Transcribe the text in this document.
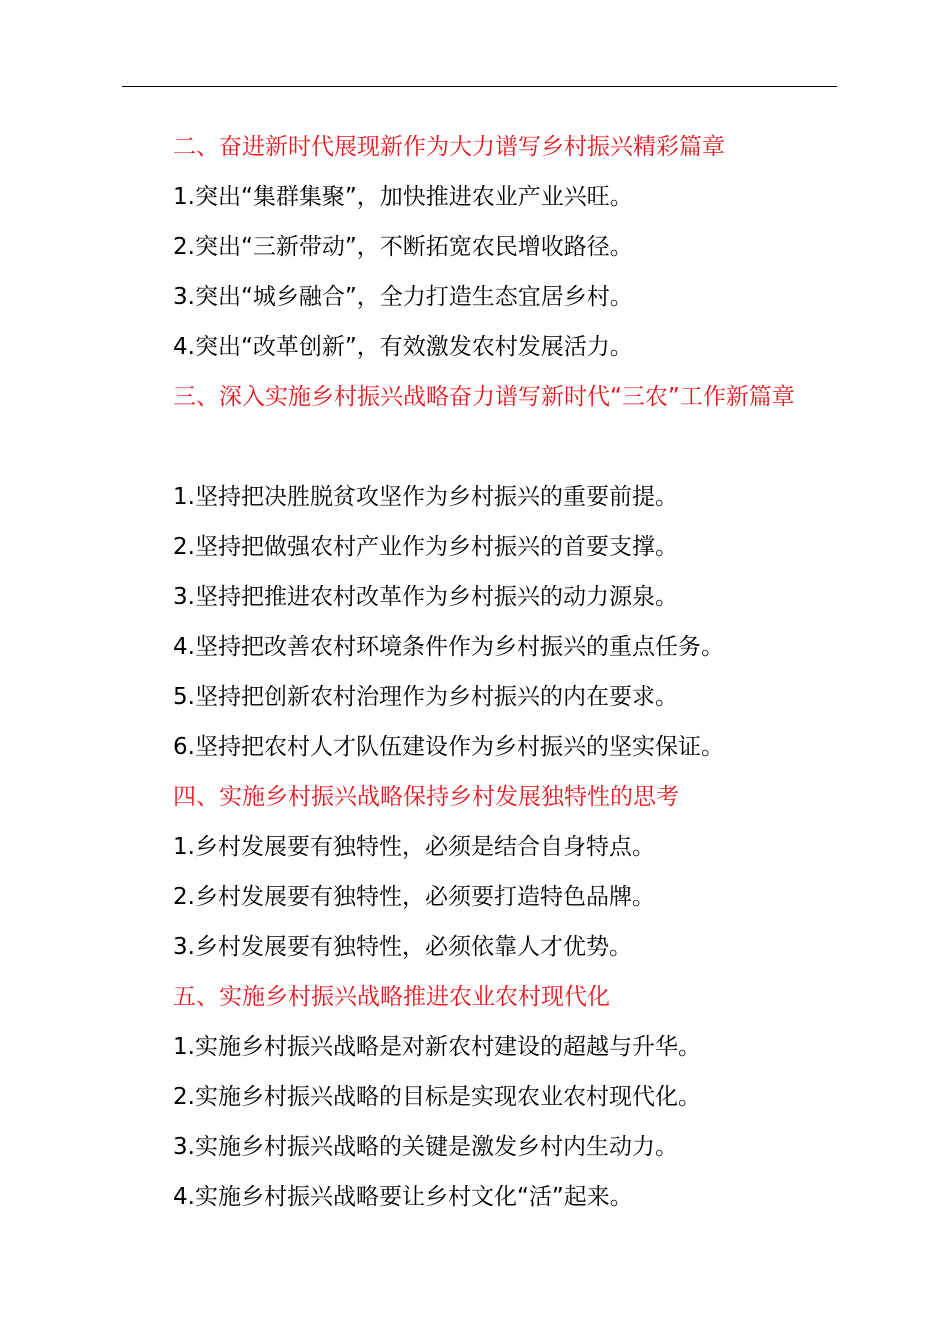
二、奋进新时代展现新作为大力谱写乡村振兴精彩篇章
1.突出“集群集聚”，加快推进农业产业兴旺。
2.突出“三新带动”，不断拓宽农民增收路径。
3.突出“城乡融合”，全力打造生态宜居乡村。
4.突出“改革创新”，有效激发农村发展活力。
三、深入实施乡村振兴战略奋力谱写新时代“三农”工作新篇章
1.坚持把决胜脱贫攻坚作为乡村振兴的重要前提。
2.坚持把做强农村产业作为乡村振兴的首要支撑。
3.坚持把推进农村改革作为乡村振兴的动力源泉。
4.坚持把改善农村环境条件作为乡村振兴的重点任务。
5.坚持把创新农村治理作为乡村振兴的内在要求。
6.坚持把农村人才队伍建设作为乡村振兴的坚实保证。
四、实施乡村振兴战略保持乡村发展独特性的思考
1.乡村发展要有独特性，必须是结合自身特点。
2.乡村发展要有独特性，必须要打造特色品牌。
3.乡村发展要有独特性，必须依靠人才优势。
五、实施乡村振兴战略推进农业农村现代化
1.实施乡村振兴战略是对新农村建设的超越与升华。
2.实施乡村振兴战略的目标是实现农业农村现代化。
3.实施乡村振兴战略的关键是激发乡村内生动力。
4.实施乡村振兴战略要让乡村文化“活”起来。
